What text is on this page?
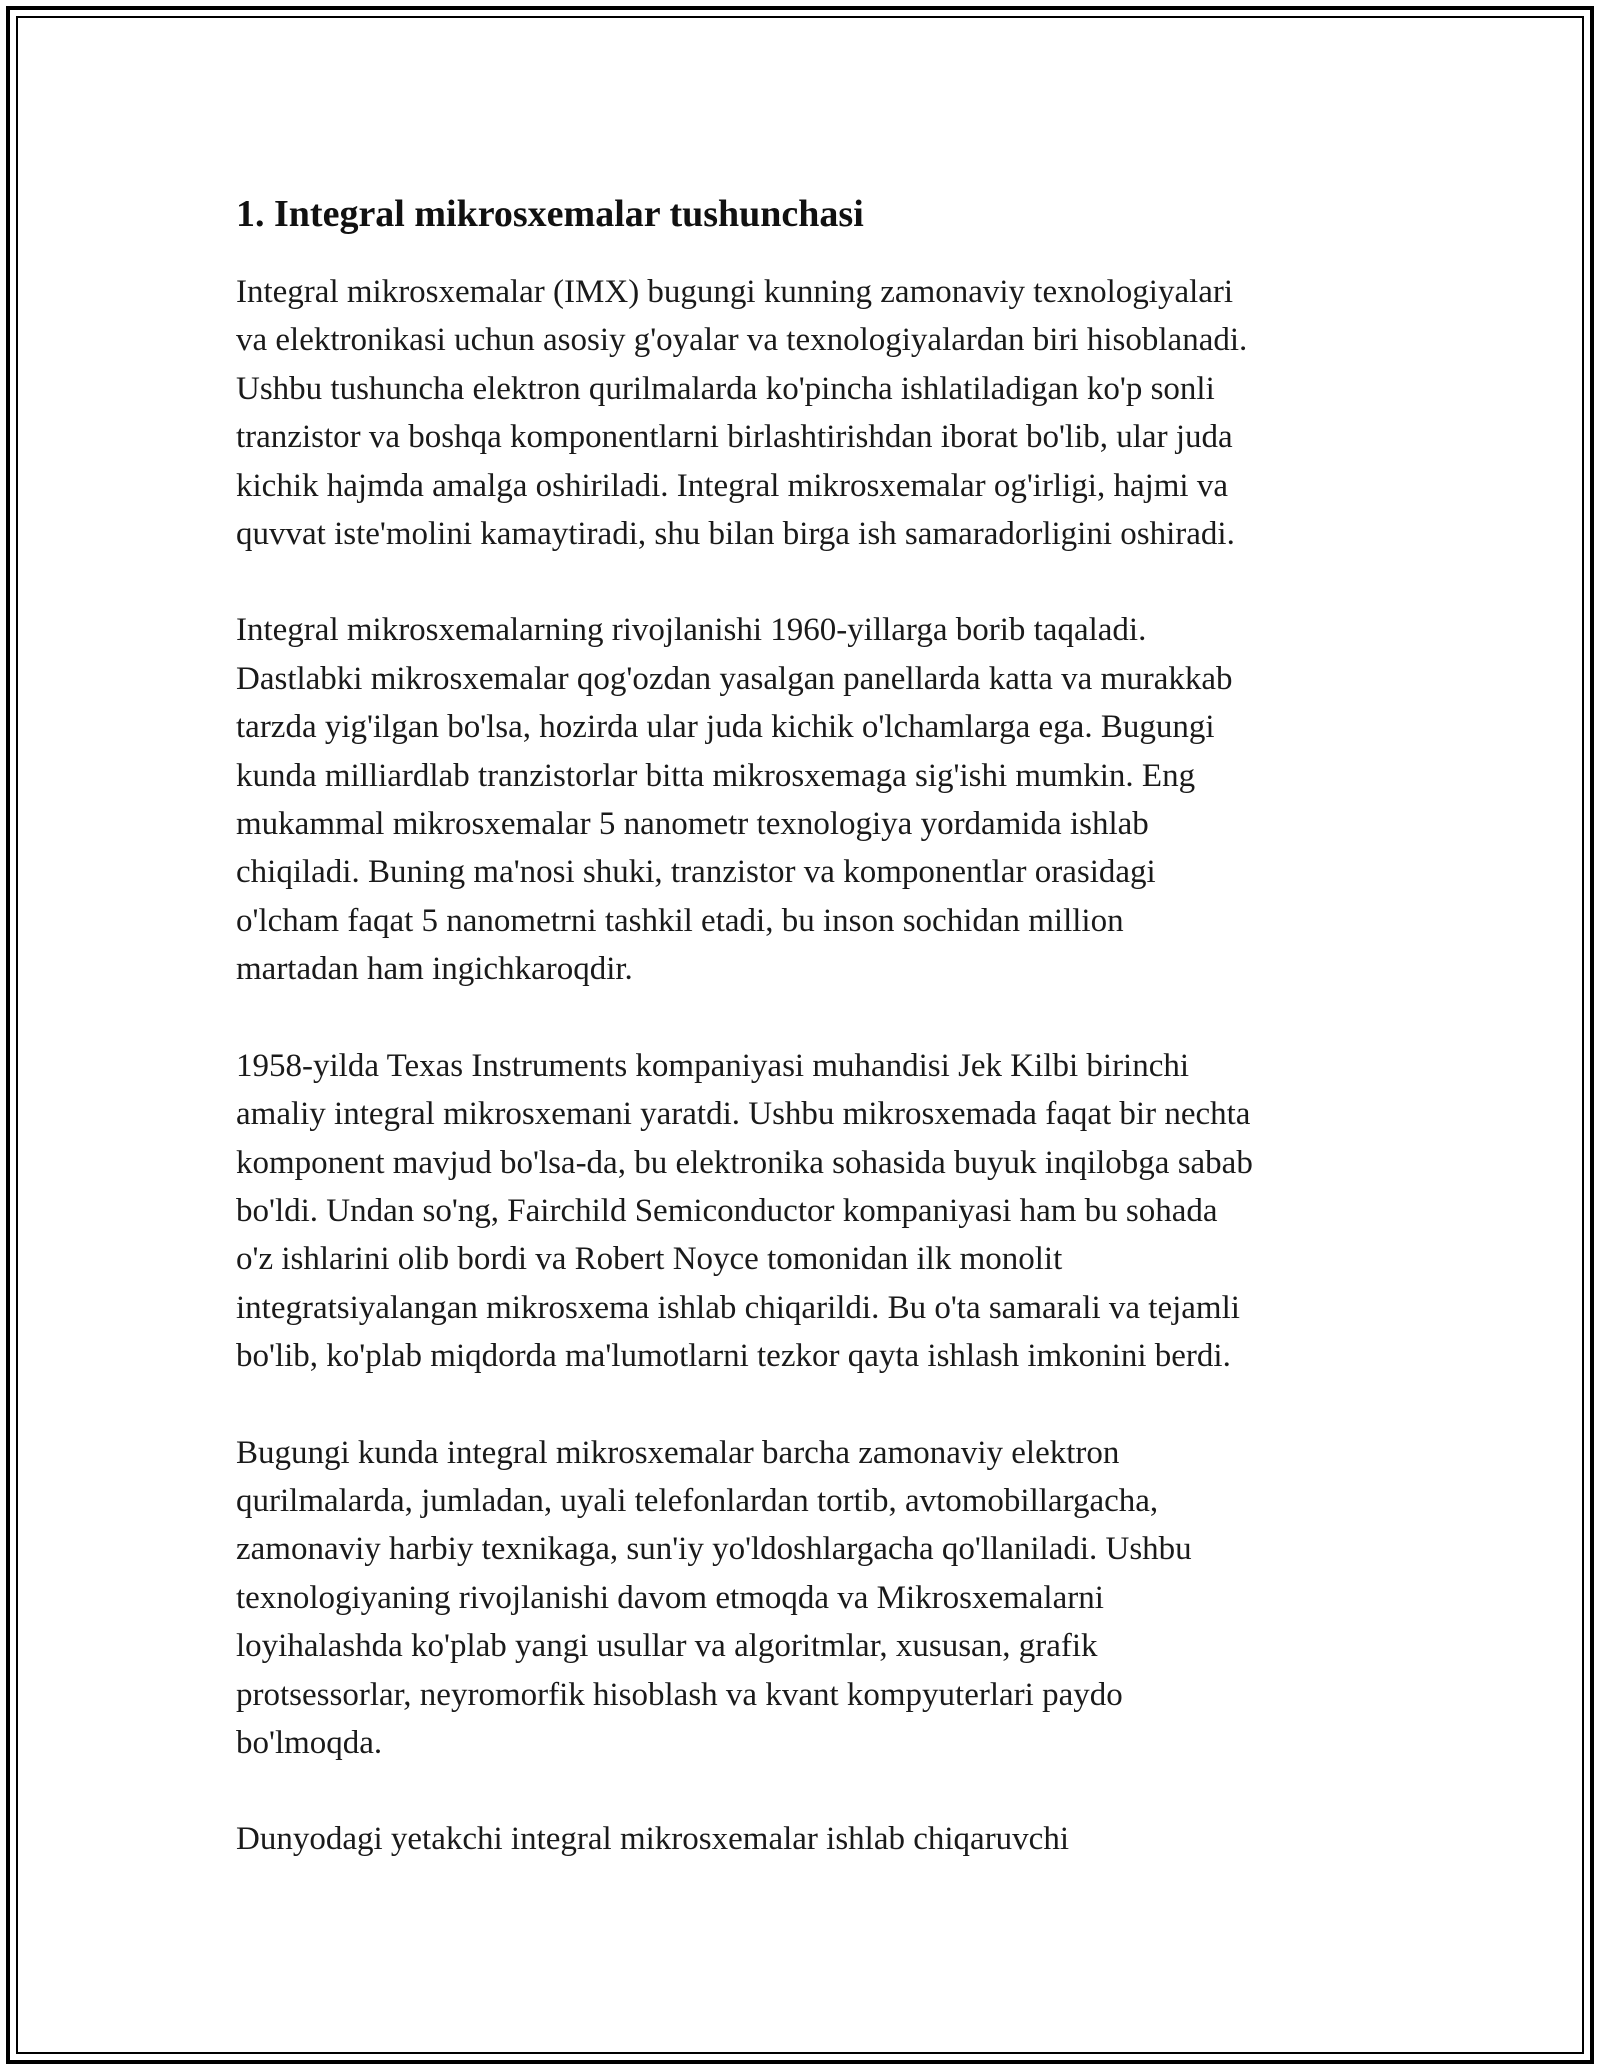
1. Integral mikrosxemalar tushunchasi

Integral mikrosxemalar (IMX) bugungi kunning zamonaviy texnologiyalari
va elektronikasi uchun asosiy g'oyalar va texnologiyalardan biri hisoblanadi.
Ushbu tushuncha elektron qurilmalarda ko'pincha ishlatiladigan ko'p sonli
tranzistor va boshqa komponentlarni birlashtirishdan iborat bo'lib, ular juda
kichik hajmda amalga oshiriladi. Integral mikrosxemalar og'irligi, hajmi va
quvvat iste'molini kamaytiradi, shu bilan birga ish samaradorligini oshiradi.

Integral mikrosxemalarning rivojlanishi 1960-yillarga borib taqaladi.
Dastlabki mikrosxemalar qog'ozdan yasalgan panellarda katta va murakkab
tarzda yig'ilgan bo'lsa, hozirda ular juda kichik o'lchamlarga ega. Bugungi
kunda milliardlab tranzistorlar bitta mikrosxemaga sig'ishi mumkin. Eng
mukammal mikrosxemalar 5 nanometr texnologiya yordamida ishlab
chiqiladi. Buning ma'nosi shuki, tranzistor va komponentlar orasidagi
o'lcham faqat 5 nanometrni tashkil etadi, bu inson sochidan million
martadan ham ingichkaroqdir.

1958-yilda Texas Instruments kompaniyasi muhandisi Jek Kilbi birinchi
amaliy integral mikrosxemani yaratdi. Ushbu mikrosxemada faqat bir nechta
komponent mavjud bo'lsa-da, bu elektronika sohasida buyuk inqilobga sabab
bo'ldi. Undan so'ng, Fairchild Semiconductor kompaniyasi ham bu sohada
o'z ishlarini olib bordi va Robert Noyce tomonidan ilk monolit
integratsiyalangan mikrosxema ishlab chiqarildi. Bu o'ta samarali va tejamli
bo'lib, ko'plab miqdorda ma'lumotlarni tezkor qayta ishlash imkonini berdi.

Bugungi kunda integral mikrosxemalar barcha zamonaviy elektron
qurilmalarda, jumladan, uyali telefonlardan tortib, avtomobillargacha,
zamonaviy harbiy texnikaga, sun'iy yo'ldoshlargacha qo'llaniladi. Ushbu
texnologiyaning rivojlanishi davom etmoqda va Mikrosxemalarni
loyihalashda ko'plab yangi usullar va algoritmlar, xususan, grafik
protsessorlar, neyromorfik hisoblash va kvant kompyuterlari paydo
bo'lmoqda.

Dunyodagi yetakchi integral mikrosxemalar ishlab chiqaruvchi
